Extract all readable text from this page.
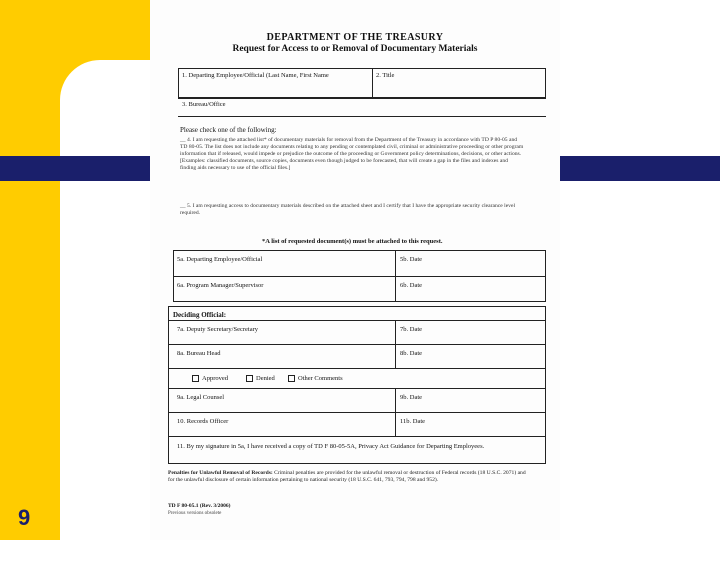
9
DEPARTMENT OF THE TREASURY
Request for Access to or Removal of Documentary Materials
1. Departing Employee/Official (Last Name, First Name	2. Title
3. Bureau/Office
Please check one of the following:
__ 4. I am requesting the attached list* of documentary materials for removal from the Department of the Treasury in accordance with TD P 80-05 and TD 80-05. The list does not include any documents relating to any pending or contemplated civil, criminal or administrative proceeding or other program information that if released, would impede or prejudice the outcome of the proceeding or Government policy determinations, decisions, or other actions. [Examples: classified documents, source copies, documents even though judged to be forecasted, that will create a gap in the files and indexes and finding aids necessary to use of the official files.]
__ 5. I am requesting access to documentary materials described on the attached sheet and I certify that I have the appropriate security clearance level required.
*A list of requested document(s) must be attached to this request.
5a. Departing Employee/Official	5b. Date
6a. Program Manager/Supervisor	6b. Date
Deciding Official:
7a. Deputy Secretary/Secretary	7b. Date
8a. Bureau Head	8b. Date
Approved	Denied	Other Comments
9a. Legal Counsel	9b. Date
10. Records Officer	11b. Date
11. By my signature in 5a, I have received a copy of TD F 80-05-5A, Privacy Act Guidance for Departing Employees.
Penalties for Unlawful Removal of Records: Criminal penalties are provided for the unlawful removal or destruction of Federal records (18 U.S.C. 2071) and for the unlawful disclosure of certain information pertaining to national security (18 U.S.C. 641, 793, 794, 798 and 952).
TD F 80-05.1 (Rev. 3/2006)
Previous versions obsolete
